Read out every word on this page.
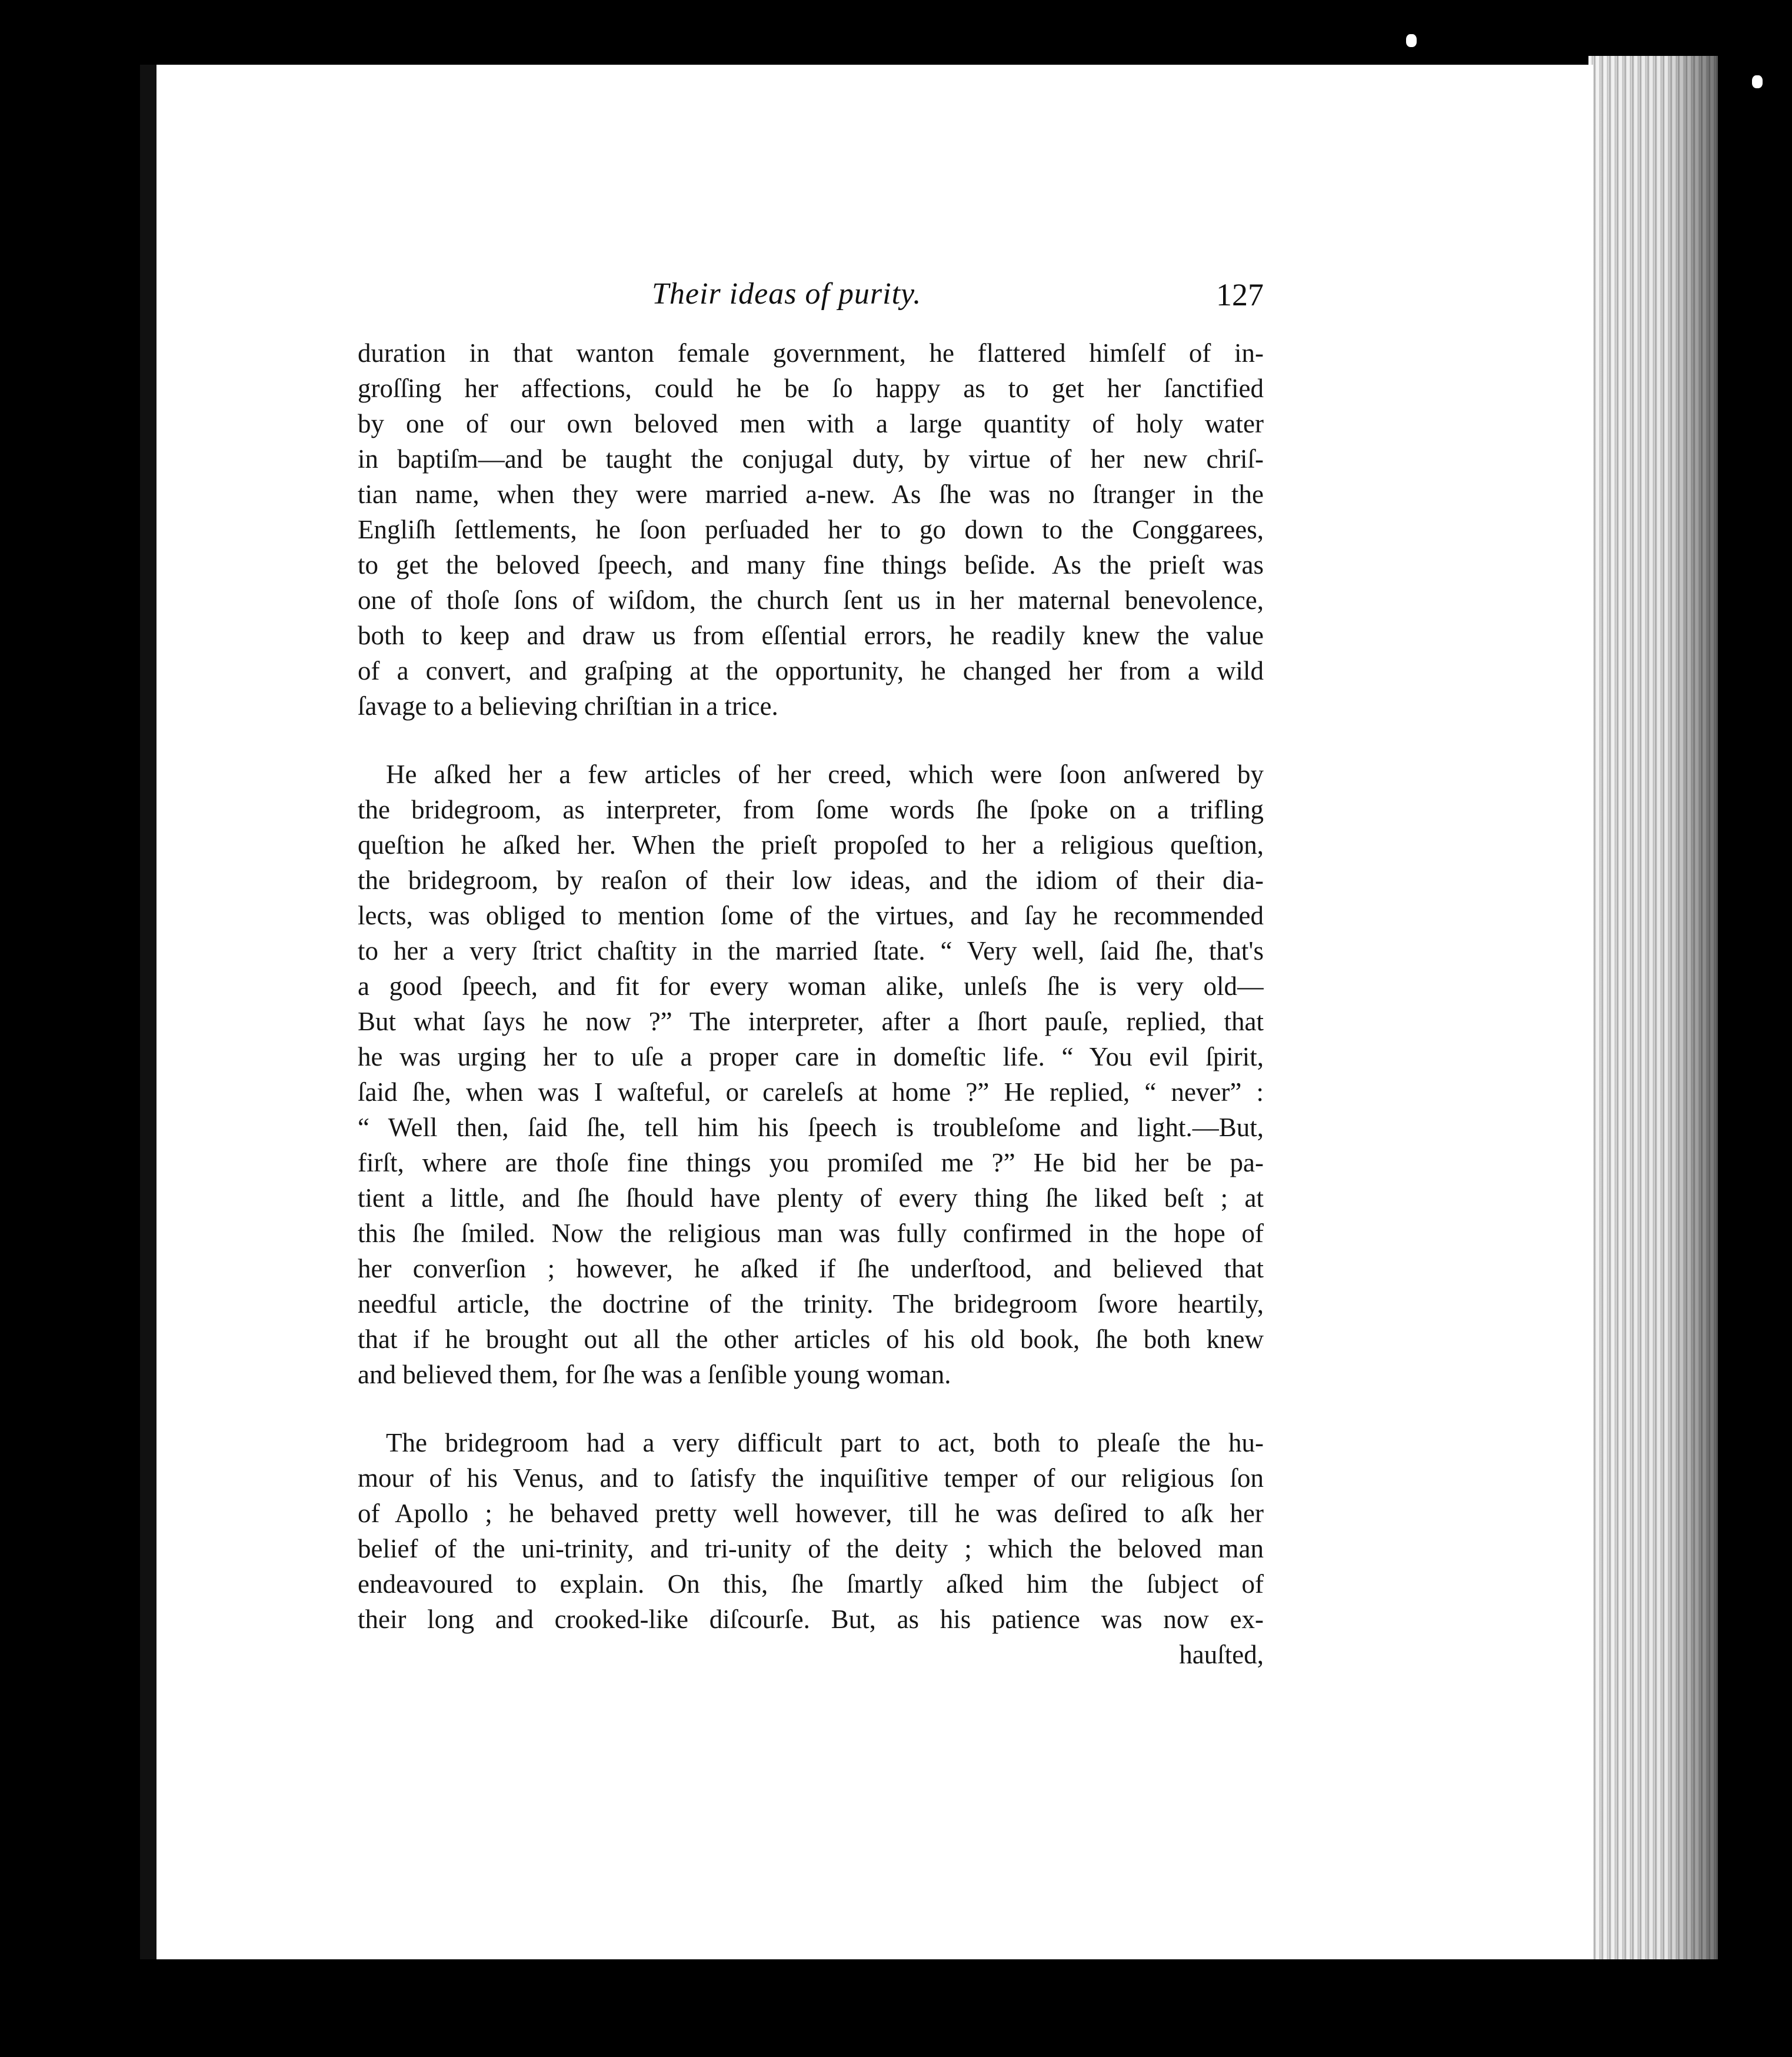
Their ideas of purity.	127
duration in that wanton female government, he flattered himſelf of in-
groſſing her affections, could he be ſo happy as to get her ſanctified
by one of our own beloved men with a large quantity of holy water
in baptiſm—and be taught the conjugal duty, by virtue of her new chriſ-
tian name, when they were married a-new. As ſhe was no ſtranger in the
Engliſh ſettlements, he ſoon perſuaded her to go down to the Conggarees,
to get the beloved ſpeech, and many fine things beſide. As the prieſt was
one of thoſe ſons of wiſdom, the church ſent us in her maternal benevolence,
both to keep and draw us from eſſential errors, he readily knew the value
of a convert, and graſping at the opportunity, he changed her from a wild
ſavage to a believing chriſtian in a trice.
He aſked her a few articles of her creed, which were ſoon anſwered by
the bridegroom, as interpreter, from ſome words ſhe ſpoke on a trifling
queſtion he aſked her. When the prieſt propoſed to her a religious queſtion,
the bridegroom, by reaſon of their low ideas, and the idiom of their dia-
lects, was obliged to mention ſome of the virtues, and ſay he recommended
to her a very ſtrict chaſtity in the married ſtate. “ Very well, ſaid ſhe, that's
a good ſpeech, and fit for every woman alike, unleſs ſhe is very old—
But what ſays he now ?” The interpreter, after a ſhort pauſe, replied, that
he was urging her to uſe a proper care in domeſtic life. “ You evil ſpirit,
ſaid ſhe, when was I waſteful, or careleſs at home ?” He replied, “ never” :
“ Well then, ſaid ſhe, tell him his ſpeech is troubleſome and light.—But,
firſt, where are thoſe fine things you promiſed me ?” He bid her be pa-
tient a little, and ſhe ſhould have plenty of every thing ſhe liked beſt ; at
this ſhe ſmiled. Now the religious man was fully confirmed in the hope of
her converſion ; however, he aſked if ſhe underſtood, and believed that
needful article, the doctrine of the trinity. The bridegroom ſwore heartily,
that if he brought out all the other articles of his old book, ſhe both knew
and believed them, for ſhe was a ſenſible young woman.
The bridegroom had a very difficult part to act, both to pleaſe the hu-
mour of his Venus, and to ſatisfy the inquiſitive temper of our religious ſon
of Apollo ; he behaved pretty well however, till he was deſired to aſk her
belief of the uni-trinity, and tri-unity of the deity ; which the beloved man
endeavoured to explain. On this, ſhe ſmartly aſked him the ſubject of
their long and crooked-like diſcourſe. But, as his patience was now ex-
hauſted,
